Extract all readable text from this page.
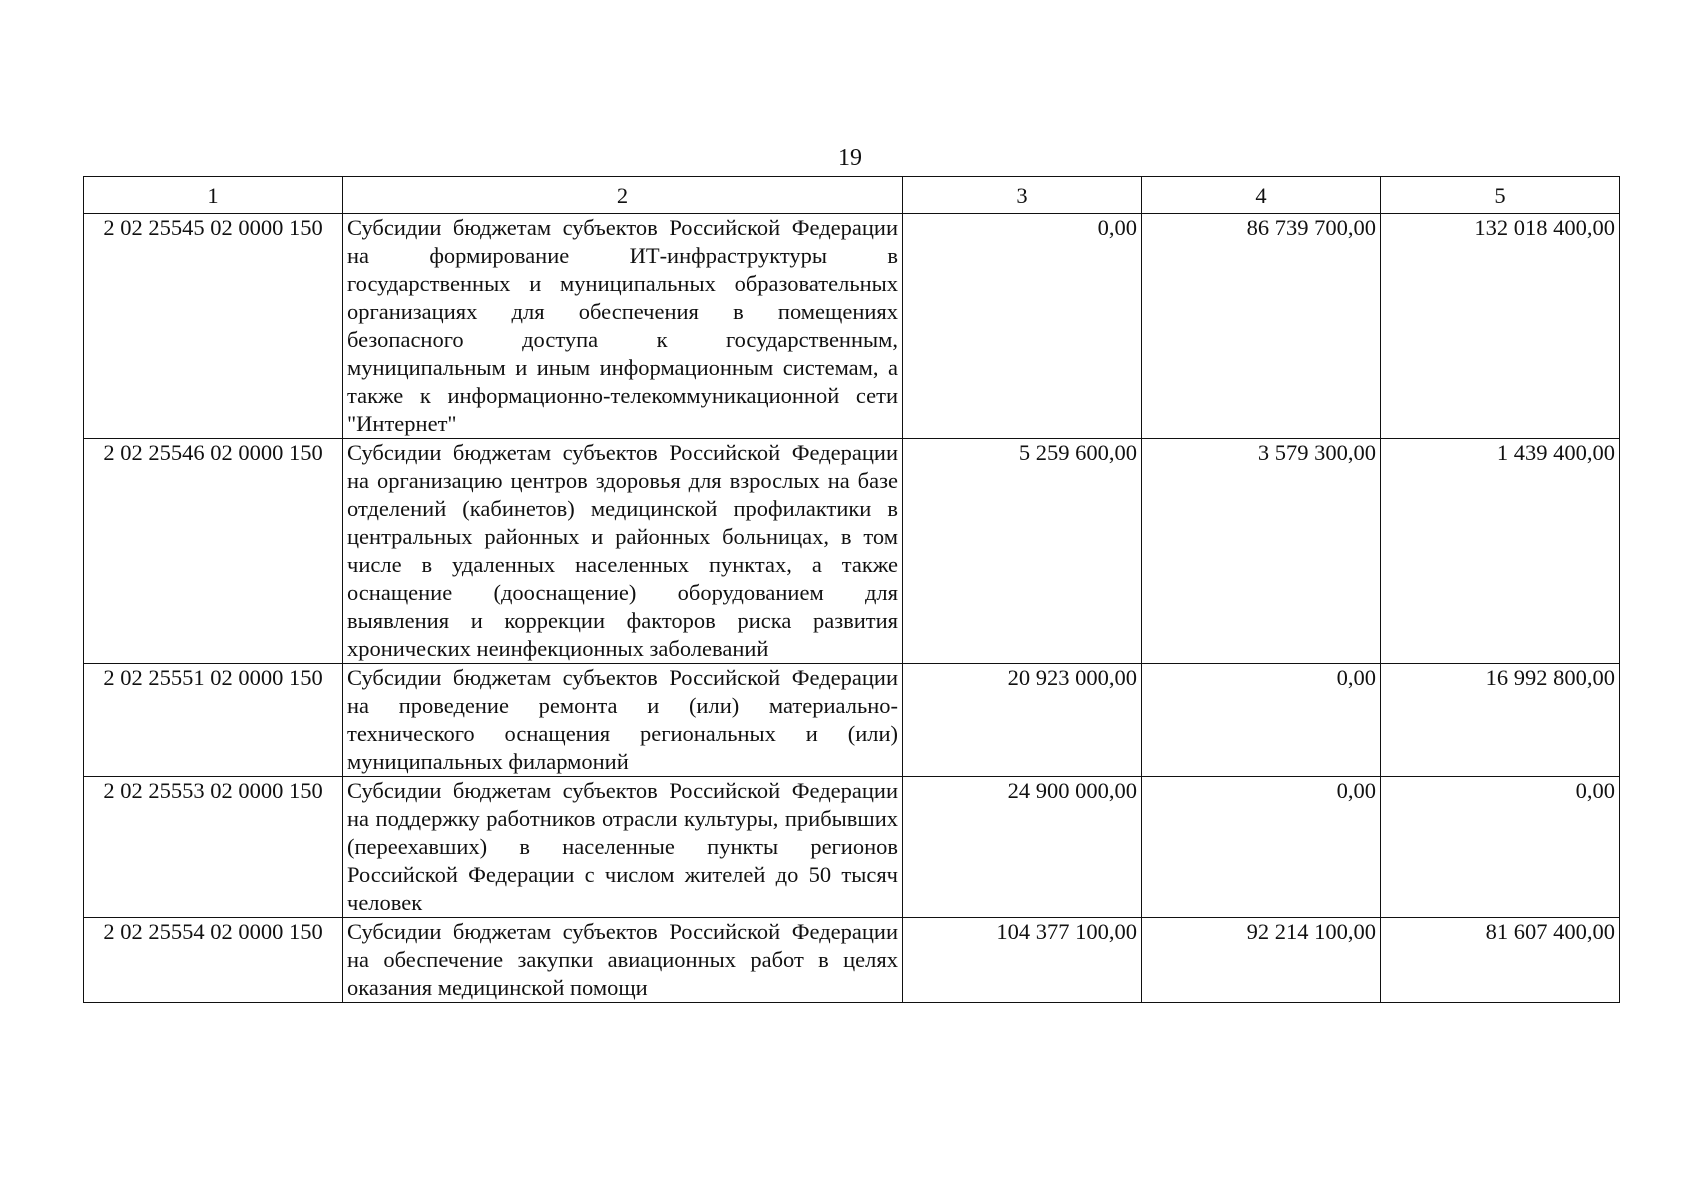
19
1	2	3	4	5
2 02 25545 02 0000 150	Субсидии бюджетам субъектов Российской Федерации на формирование ИТ-инфраструктуры в государственных и муниципальных образовательных организациях для обеспечения в помещениях безопасного доступа к государственным, муниципальным и иным информационным системам, а также к информационно-телекоммуникационной сети "Интернет"	0,00	86 739 700,00	132 018 400,00
2 02 25546 02 0000 150	Субсидии бюджетам субъектов Российской Федерации на организацию центров здоровья для взрослых на базе отделений (кабинетов) медицинской профилактики в центральных районных и районных больницах, в том числе в удаленных населенных пунктах, а также оснащение (дооснащение) оборудованием для выявления и коррекции факторов риска развития хронических неинфекционных заболеваний	5 259 600,00	3 579 300,00	1 439 400,00
2 02 25551 02 0000 150	Субсидии бюджетам субъектов Российской Федерации на проведение ремонта и (или) материально-технического оснащения региональных и (или) муниципальных филармоний	20 923 000,00	0,00	16 992 800,00
2 02 25553 02 0000 150	Субсидии бюджетам субъектов Российской Федерации на поддержку работников отрасли культуры, прибывших (переехавших) в населенные пункты регионов Российской Федерации с числом жителей до 50 тысяч человек	24 900 000,00	0,00	0,00
2 02 25554 02 0000 150	Субсидии бюджетам субъектов Российской Федерации на обеспечение закупки авиационных работ в целях оказания медицинской помощи	104 377 100,00	92 214 100,00	81 607 400,00
